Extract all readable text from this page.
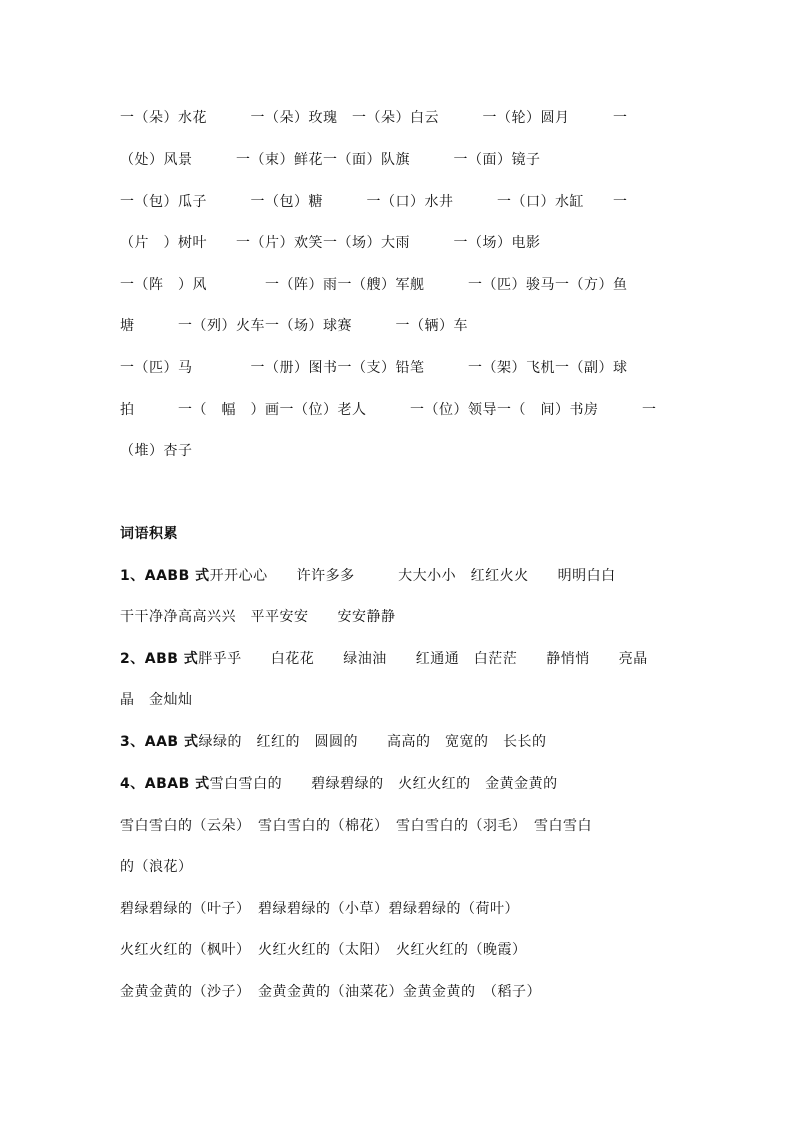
一（朵）水花　　　一（朵）玫瑰　一（朵）白云　　　一（轮）圆月　　　一
（处）风景　　　一（束）鲜花一（面）队旗　　　一（面）镜子
一（包）瓜子　　　一（包）糖　　　一（口）水井　　　一（口）水缸　　一
（片　）树叶　　一（片）欢笑一（场）大雨　　　一（场）电影
一（阵　）风　　　　一（阵）雨一（艘）军舰　　　一（匹）骏马一（方）鱼
塘　　　一（列）火车一（场）球赛　　　一（辆）车
一（匹）马　　　　一（册）图书一（支）铅笔　　　一（架）飞机一（副）球
拍　　　一（　幅　）画一（位）老人　　　一（位）领导一（　间）书房　　　一
（堆）杏子
词语积累
1、AABB 式开开心心　　许许多多　　　大大小小　红红火火　　明明白白
干干净净高高兴兴　平平安安　　安安静静
2、ABB 式胖乎乎　　白花花　　绿油油　　红通通　白茫茫　　静悄悄　　亮晶
晶　金灿灿
3、AAB 式绿绿的　红红的　圆圆的　　高高的　宽宽的　长长的
4、ABAB 式雪白雪白的　　碧绿碧绿的　火红火红的　金黄金黄的
雪白雪白的（云朵）　雪白雪白的（棉花）　雪白雪白的（羽毛）　雪白雪白
的（浪花）
碧绿碧绿的（叶子）　碧绿碧绿的（小草）碧绿碧绿的（荷叶）
火红火红的（枫叶）　火红火红的（太阳）　火红火红的（晚霞）
金黄金黄的（沙子）　金黄金黄的（油菜花）金黄金黄的　（稻子）
